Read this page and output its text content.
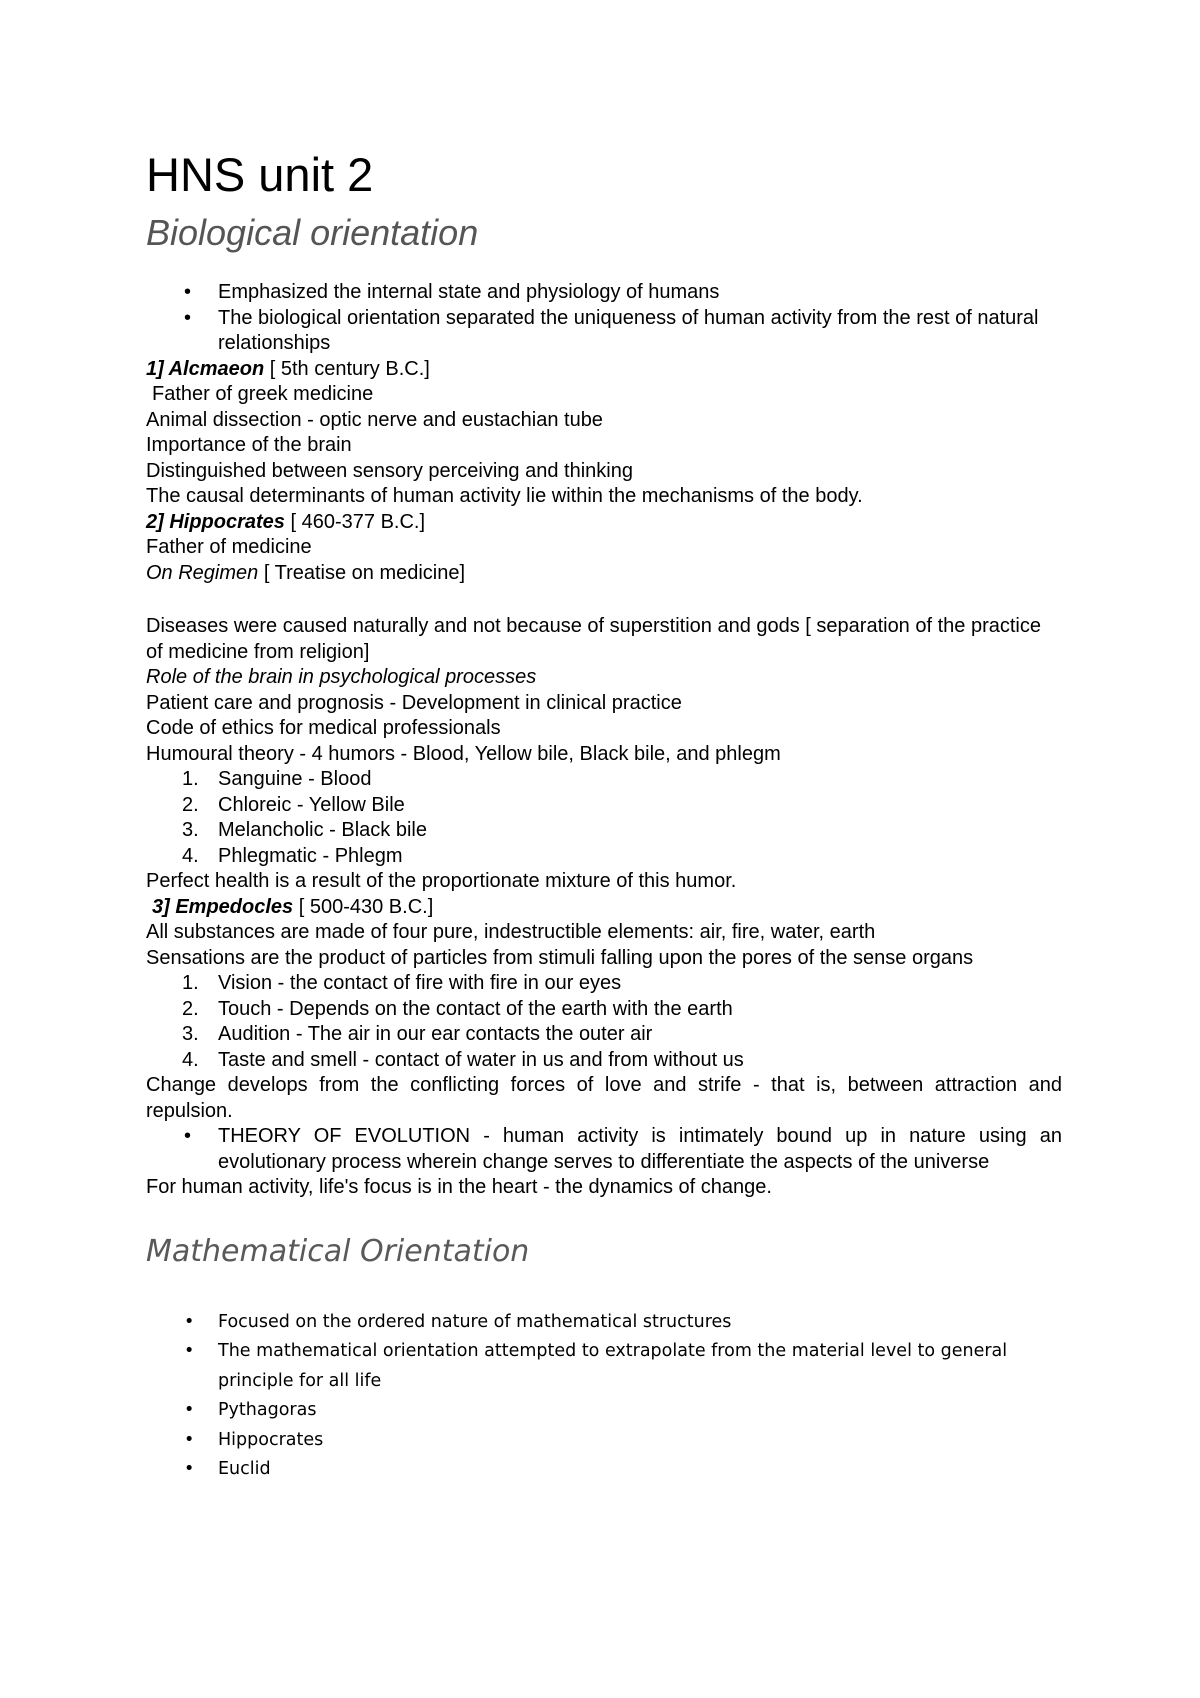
HNS unit 2
Biological orientation
• Emphasized the internal state and physiology of humans
• The biological orientation separated the uniqueness of human activity from the rest of natural relationships

1] Alcmaeon [ 5th century B.C.]

Father of greek medicine

Animal dissection - optic nerve and eustachian tube

Importance of the brain

Distinguished between sensory perceiving and thinking

The causal determinants of human activity lie within the mechanisms of the body.

2] Hippocrates [ 460-377 B.C.]

Father of medicine

On Regimen [ Treatise on medicine]

Diseases were caused naturally and not because of superstition and gods [ separation of the practice of medicine from religion]

Role of the brain in psychological processes

Patient care and prognosis - Development in clinical practice

Code of ethics for medical professionals

Humoural theory - 4 humors - Blood, Yellow bile, Black bile, and phlegm

1. Sanguine - Blood
2. Chloreic - Yellow Bile
3. Melancholic - Black bile
4. Phlegmatic - Phlegm

Perfect health is a result of the proportionate mixture of this humor.

3] Empedocles [ 500-430 B.C.]

All substances are made of four pure, indestructible elements: air, fire, water, earth

Sensations are the product of particles from stimuli falling upon the pores of the sense organs

1. Vision - the contact of fire with fire in our eyes
2. Touch - Depends on the contact of the earth with the earth
3. Audition - The air in our ear contacts the outer air
4. Taste and smell - contact of water in us and from without us

Change develops from the conflicting forces of love and strife - that is, between attraction and repulsion.

• THEORY OF EVOLUTION - human activity is intimately bound up in nature using an evolutionary process wherein change serves to differentiate the aspects of the universe

For human activity, life's focus is in the heart - the dynamics of change.

Mathematical Orientation
• Focused on the ordered nature of mathematical structures
• The mathematical orientation attempted to extrapolate from the material level to general principle for all life
• Pythagoras
• Hippocrates
• Euclid
